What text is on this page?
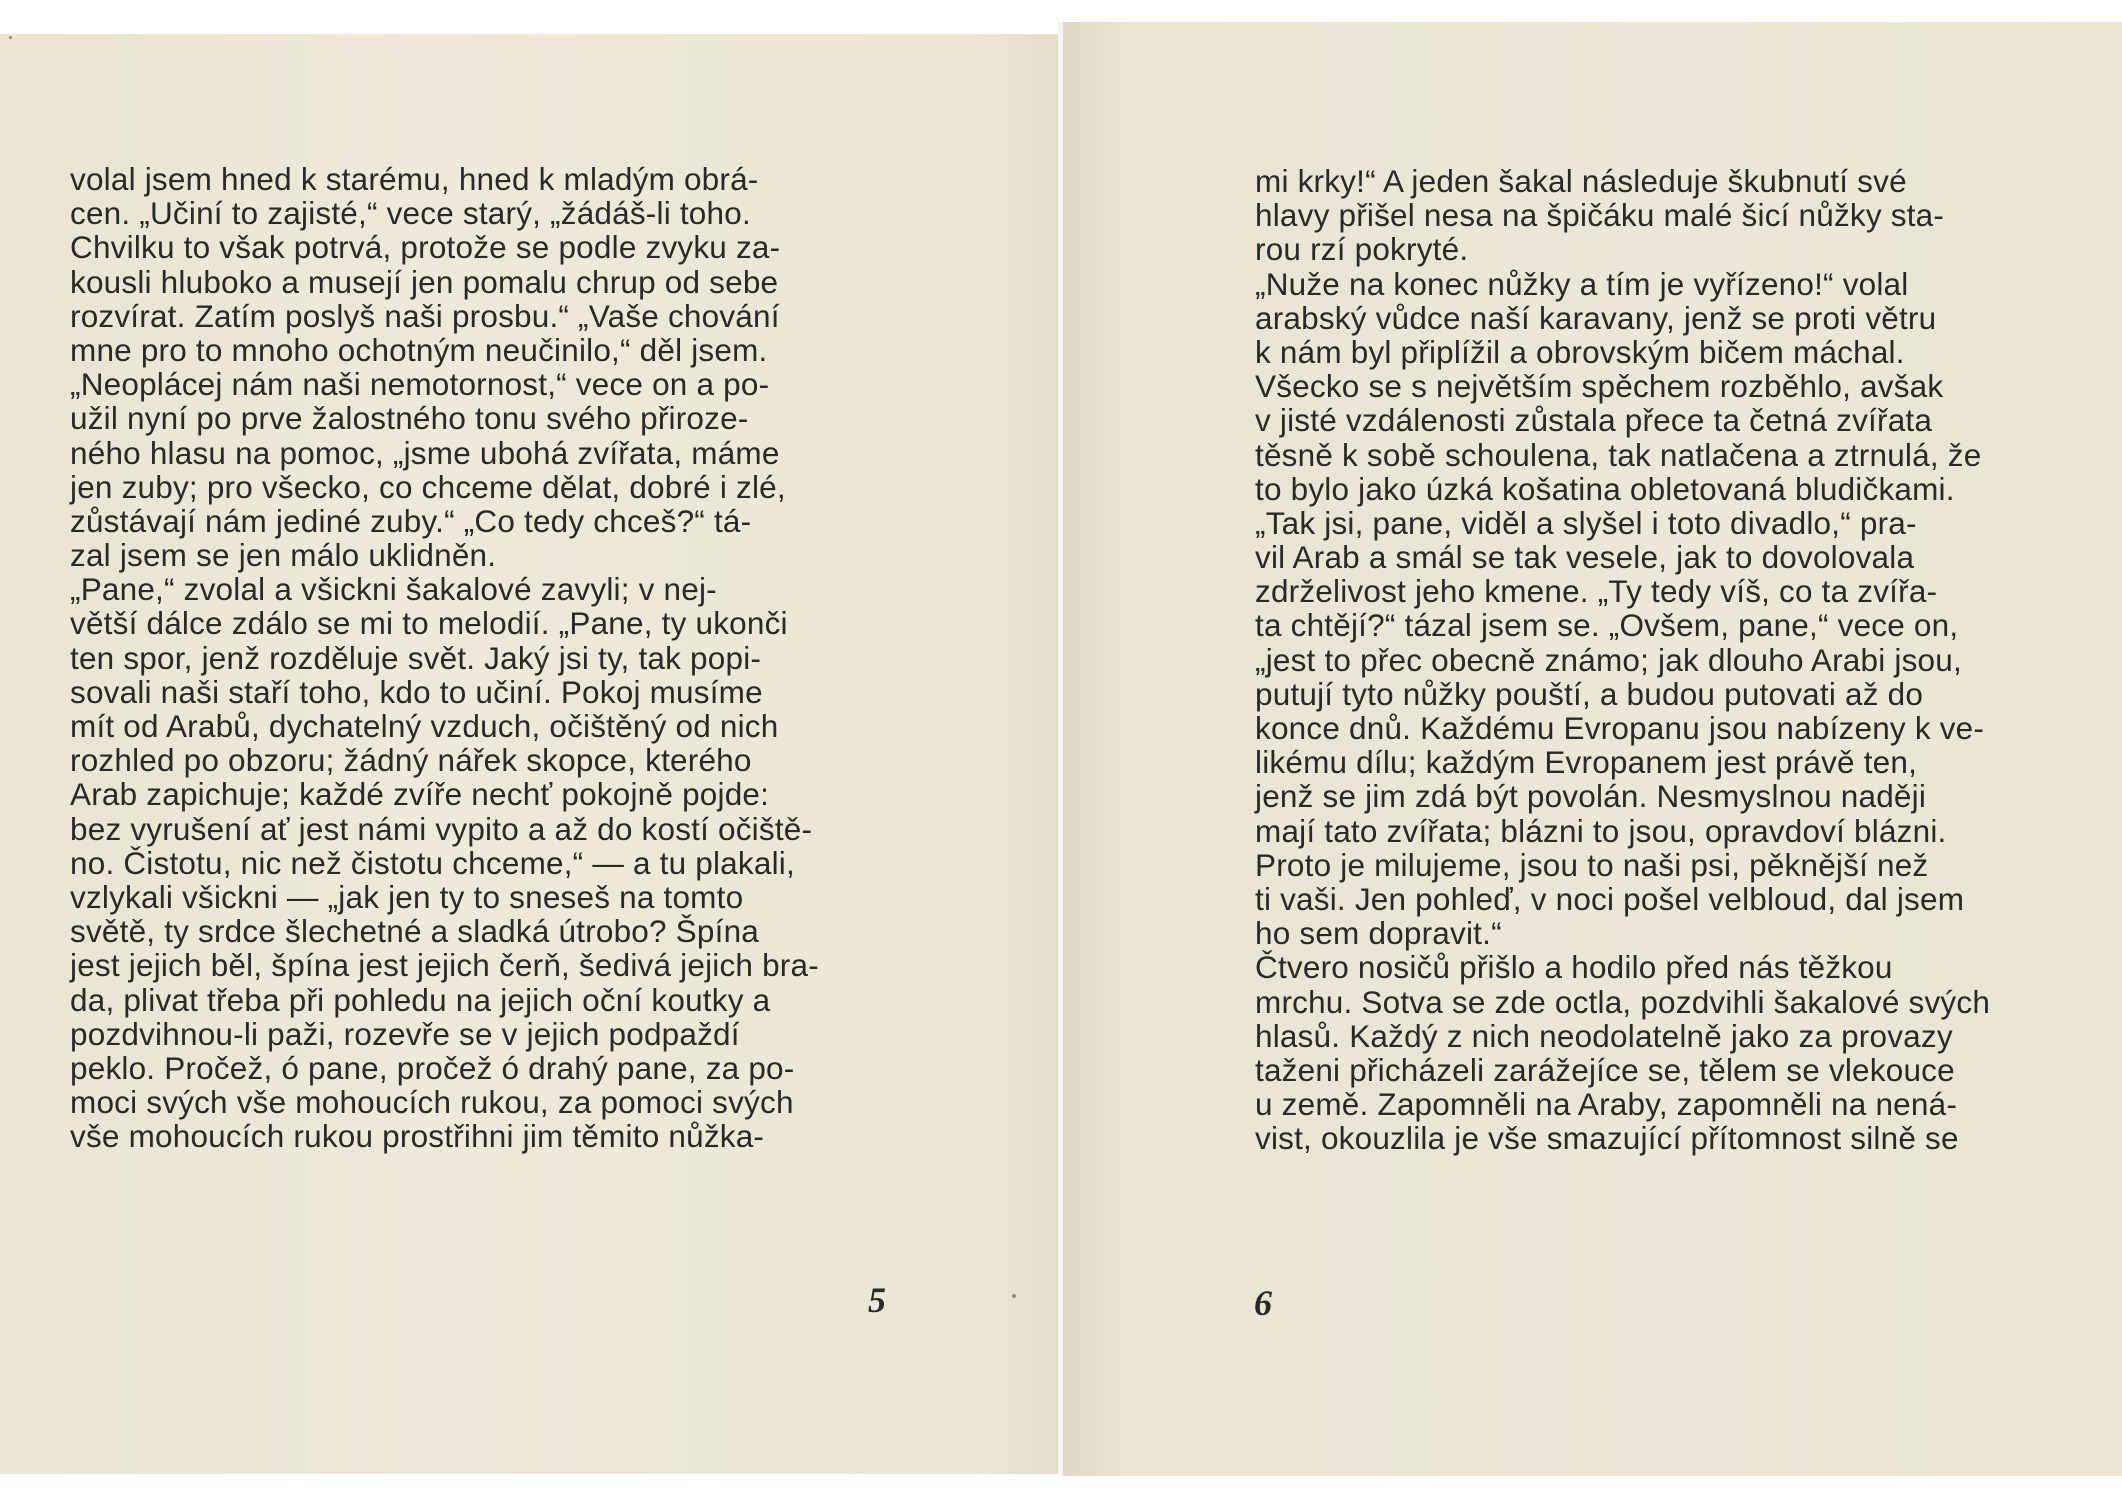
volal jsem hned k starému, hned k mladým obrá-
cen. „Učiní to zajisté,“ vece starý, „žádáš-li toho.
Chvilku to však potrvá, protože se podle zvyku za-
kousli hluboko a musejí jen pomalu chrup od sebe
rozvírat. Zatím poslyš naši prosbu.“ „Vaše chování
mne pro to mnoho ochotným neučinilo,“ děl jsem.
„Neoplácej nám naši nemotornost,“ vece on a po-
užil nyní po prve žalostného tonu svého přiroze-
ného hlasu na pomoc, „jsme ubohá zvířata, máme
jen zuby; pro všecko, co chceme dělat, dobré i zlé,
zůstávají nám jediné zuby.“ „Co tedy chceš?“ tá-
zal jsem se jen málo uklidněn.
„Pane,“ zvolal a všickni šakalové zavyli; v nej-
větší dálce zdálo se mi to melodií. „Pane, ty ukonči
ten spor, jenž rozděluje svět. Jaký jsi ty, tak popi-
sovali naši staří toho, kdo to učiní. Pokoj musíme
mít od Arabů, dychatelný vzduch, očištěný od nich
rozhled po obzoru; žádný nářek skopce, kterého
Arab zapichuje; každé zvíře nechť pokojně pojde:
bez vyrušení ať jest námi vypito a až do kostí očiště-
no. Čistotu, nic než čistotu chceme,“ — a tu plakali,
vzlykali všickni — „jak jen ty to sneseš na tomto
světě, ty srdce šlechetné a sladká útrobo? Špína
jest jejich běl, špína jest jejich čerň, šedivá jejich bra-
da, plivat třeba při pohledu na jejich oční koutky a
pozdvihnou-li paži, rozevře se v jejich podpaždí
peklo. Pročež, ó pane, pročež ó drahý pane, za po-
moci svých vše mohoucích rukou, za pomoci svých
vše mohoucích rukou prostřihni jim těmito nůžka-
5
mi krky!“ A jeden šakal následuje škubnutí své
hlavy přišel nesa na špičáku malé šicí nůžky sta-
rou rzí pokryté.
„Nuže na konec nůžky a tím je vyřízeno!“ volal
arabský vůdce naší karavany, jenž se proti větru
k nám byl připlížil a obrovským bičem máchal.
Všecko se s největším spěchem rozběhlo, avšak
v jisté vzdálenosti zůstala přece ta četná zvířata
těsně k sobě schoulena, tak natlačena a ztrnulá, že
to bylo jako úzká košatina obletovaná bludičkami.
„Tak jsi, pane, viděl a slyšel i toto divadlo,“ pra-
vil Arab a smál se tak vesele, jak to dovolovala
zdrželivost jeho kmene. „Ty tedy víš, co ta zvířa-
ta chtějí?“ tázal jsem se. „Ovšem, pane,“ vece on,
„jest to přec obecně známo; jak dlouho Arabi jsou,
putují tyto nůžky pouští, a budou putovati až do
konce dnů. Každému Evropanu jsou nabízeny k ve-
likému dílu; každým Evropanem jest právě ten,
jenž se jim zdá být povolán. Nesmyslnou naději
mají tato zvířata; blázni to jsou, opravdoví blázni.
Proto je milujeme, jsou to naši psi, pěknější než
ti vaši. Jen pohleď, v noci pošel velbloud, dal jsem
ho sem dopravit.“
Čtvero nosičů přišlo a hodilo před nás těžkou
mrchu. Sotva se zde octla, pozdvihli šakalové svých
hlasů. Každý z nich neodolatelně jako za provazy
taženi přicházeli zarážejíce se, tělem se vlekouce
u země. Zapomněli na Araby, zapomněli na nená-
vist, okouzlila je vše smazující přítomnost silně se
6
